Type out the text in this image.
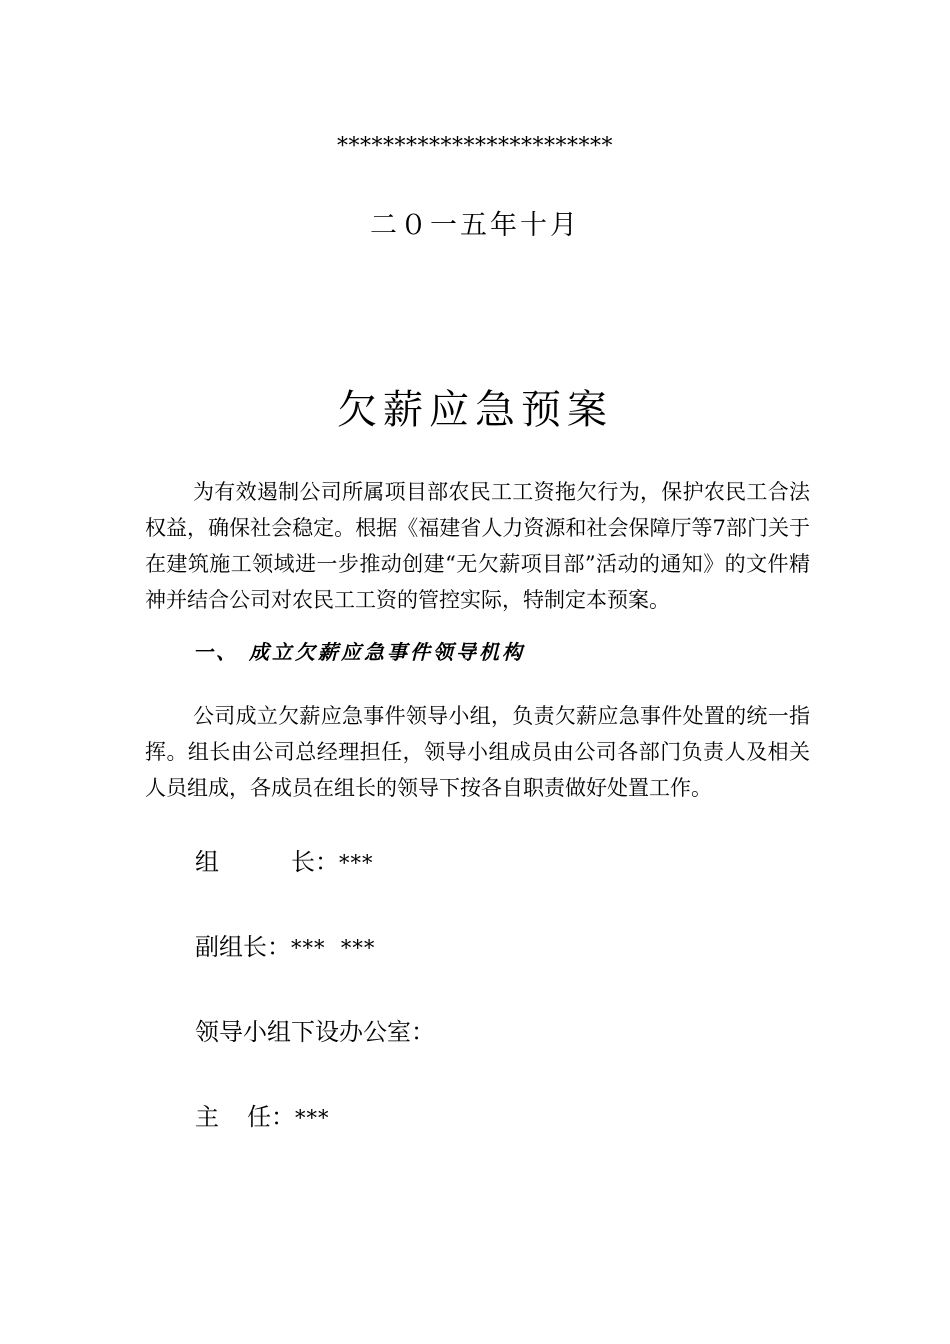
************************
二０一五年十月
欠薪应急预案

为有效遏制公司所属项目部农民工工资拖欠行为，保护农民工合法权益，确保社会稳定。根据《福建省人力资源和社会保障厅等7部门关于在建筑施工领域进一步推动创建“无欠薪项目部”活动的通知》的文件精神并结合公司对农民工工资的管控实际，特制定本预案。

一、 成立欠薪应急事件领导机构

公司成立欠薪应急事件领导小组，负责欠薪应急事件处置的统一指挥。组长由公司总经理担任，领导小组成员由公司各部门负责人及相关人员组成，各成员在组长的领导下按各自职责做好处置工作。

组长：***
副组长：***  ***
领导小组下设办公室：
主任：***
